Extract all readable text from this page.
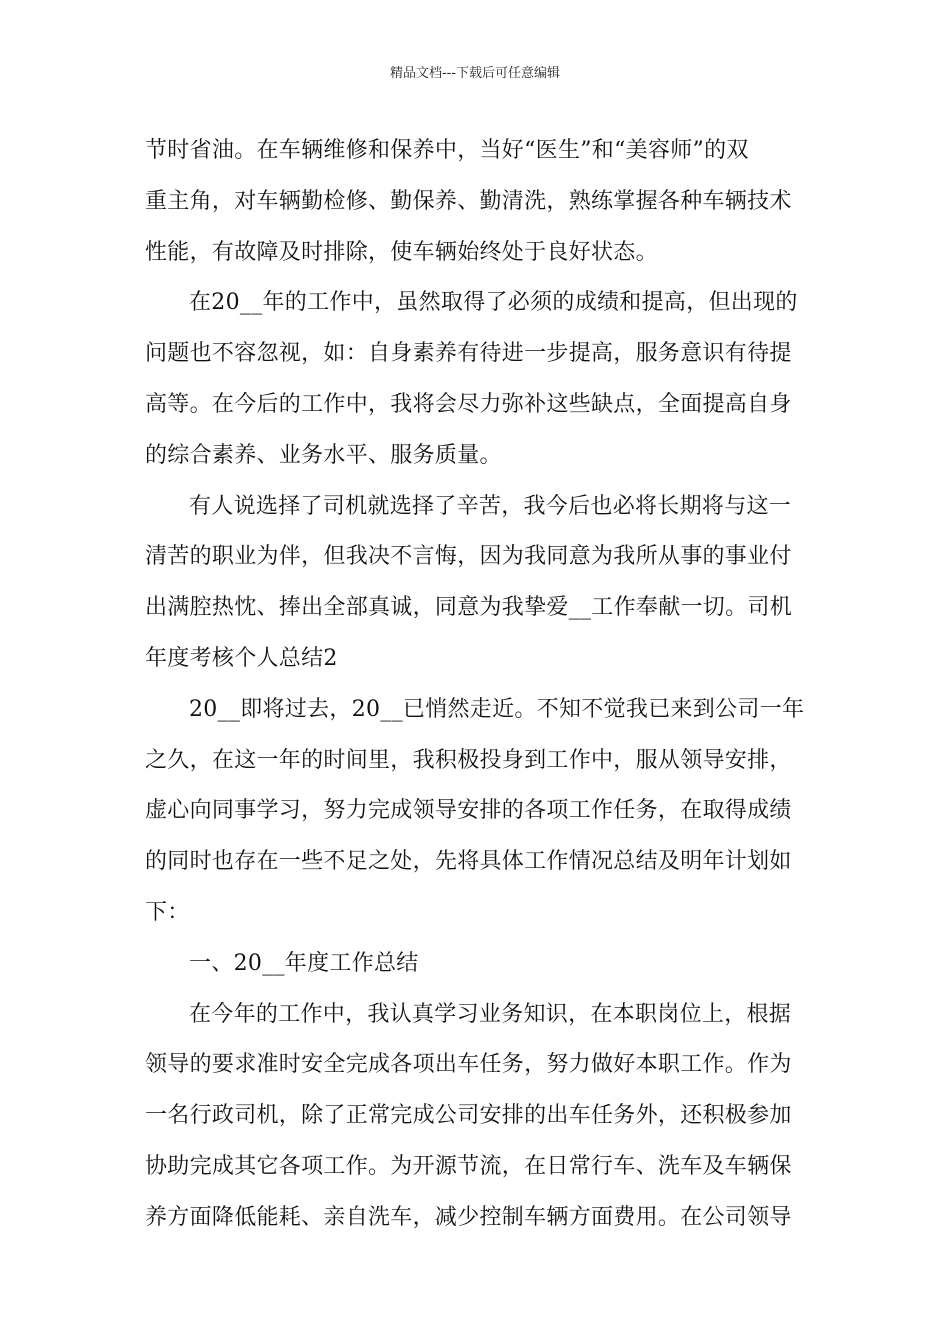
精品文档---下载后可任意编辑
节时省油。在车辆维修和保养中，当好“医生”和“美容师”的双
重主角，对车辆勤检修、勤保养、勤清洗，熟练掌握各种车辆技术
性能，有故障及时排除，使车辆始终处于良好状态。
在20__年的工作中，虽然取得了必须的成绩和提高，但出现的
问题也不容忽视，如：自身素养有待进一步提高，服务意识有待提
高等。在今后的工作中，我将会尽力弥补这些缺点，全面提高自身
的综合素养、业务水平、服务质量。
有人说选择了司机就选择了辛苦，我今后也必将长期将与这一
清苦的职业为伴，但我决不言悔，因为我同意为我所从事的事业付
出满腔热忱、捧出全部真诚，同意为我挚爱__工作奉献一切。司机
年度考核个人总结2
20__即将过去，20__已悄然走近。不知不觉我已来到公司一年
之久，在这一年的时间里，我积极投身到工作中，服从领导安排，
虚心向同事学习，努力完成领导安排的各项工作任务，在取得成绩
的同时也存在一些不足之处，先将具体工作情况总结及明年计划如
下：
一、20__年度工作总结
在今年的工作中，我认真学习业务知识，在本职岗位上，根据
领导的要求准时安全完成各项出车任务，努力做好本职工作。作为
一名行政司机，除了正常完成公司安排的出车任务外，还积极参加
协助完成其它各项工作。为开源节流，在日常行车、洗车及车辆保
养方面降低能耗、亲自洗车，减少控制车辆方面费用。在公司领导
